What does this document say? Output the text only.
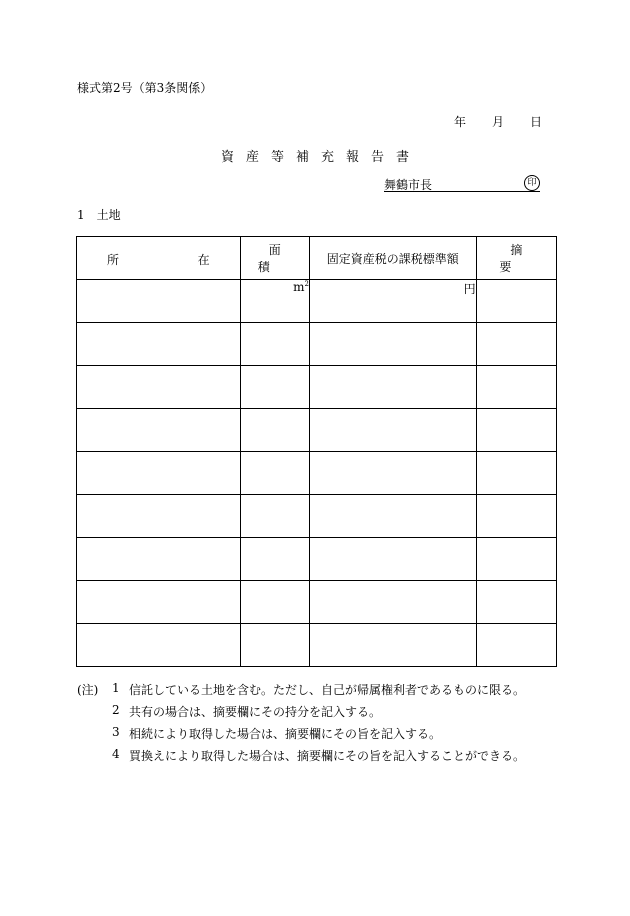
様式第2号（第3条関係）
年 月 日
資産等補充報告書
舞鶴市長	印
1 土地
所 在	面積	固定資産税の課税標準額	摘要
	$m^2$	円	

(注) 1 信託している土地を含む。ただし、自己が帰属権利者であるものに限る。
2 共有の場合は、摘要欄にその持分を記入する。
3 相続により取得した場合は、摘要欄にその旨を記入する。
4 買換えにより取得した場合は、摘要欄にその旨を記入することができる。
